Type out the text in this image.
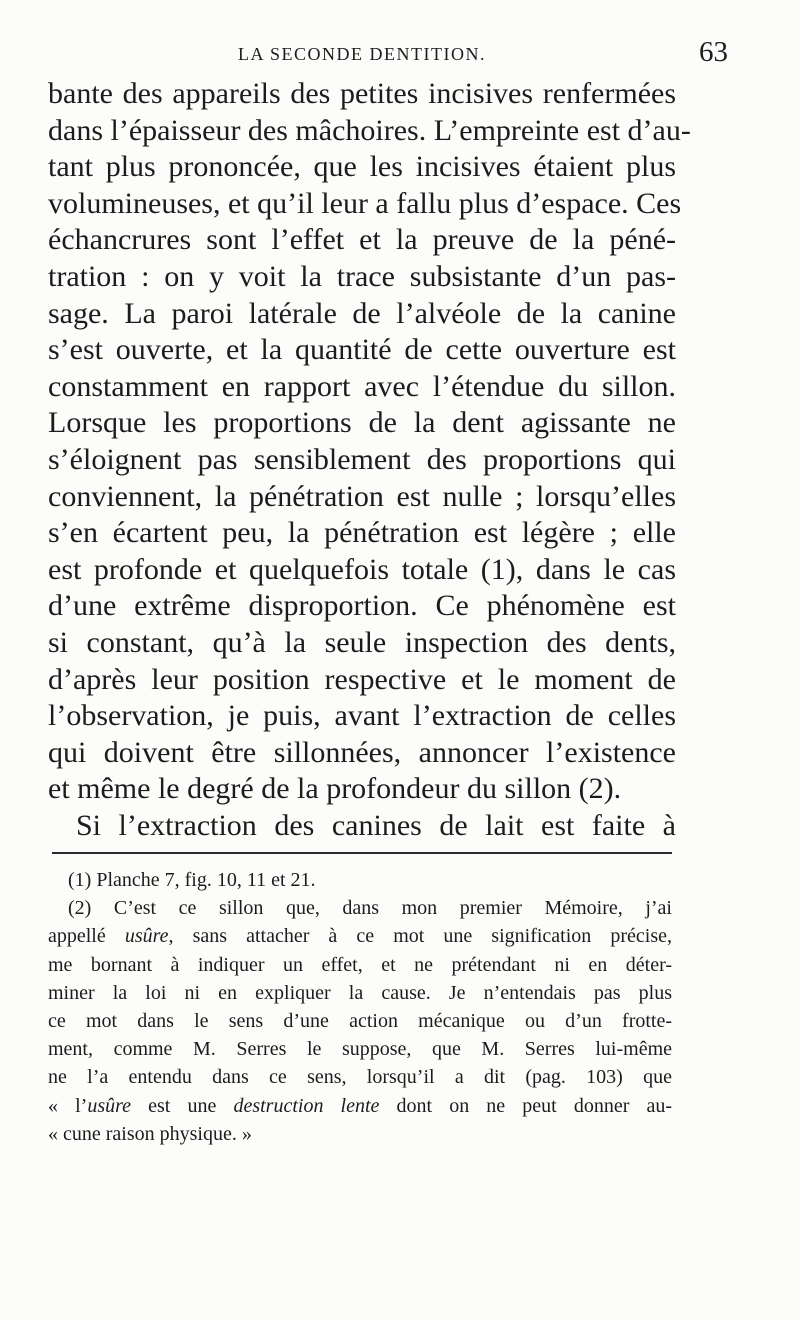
LA SECONDE DENTITION.	63
bante des appareils des petites incisives renfermées
dans l’épaisseur des mâchoires. L’empreinte est d’au-
tant plus prononcée, que les incisives étaient plus
volumineuses, et qu’il leur a fallu plus d’espace. Ces
échancrures sont l’effet et la preuve de la péné-
tration : on y voit la trace subsistante d’un pas-
sage. La paroi latérale de l’alvéole de la canine
s’est ouverte, et la quantité de cette ouverture est
constamment en rapport avec l’étendue du sillon.
Lorsque les proportions de la dent agissante ne
s’éloignent pas sensiblement des proportions qui
conviennent, la pénétration est nulle ; lorsqu’elles
s’en écartent peu, la pénétration est légère ; elle
est profonde et quelquefois totale (1), dans le cas
d’une extrême disproportion. Ce phénomène est
si constant, qu’à la seule inspection des dents,
d’après leur position respective et le moment de
l’observation, je puis, avant l’extraction de celles
qui doivent être sillonnées, annoncer l’existence
et même le degré de la profondeur du sillon (2).
Si l’extraction des canines de lait est faite à
(1) Planche 7, fig. 10, 11 et 21.
(2) C’est ce sillon que, dans mon premier Mémoire, j’ai
appellé usûre, sans attacher à ce mot une signification précise,
me bornant à indiquer un effet, et ne prétendant ni en déter-
miner la loi ni en expliquer la cause. Je n’entendais pas plus
ce mot dans le sens d’une action mécanique ou d’un frotte-
ment, comme M. Serres le suppose, que M. Serres lui-même
ne l’a entendu dans ce sens, lorsqu’il a dit (pag. 103) que
« l’usûre est une destruction lente dont on ne peut donner au-
« cune raison physique. »
